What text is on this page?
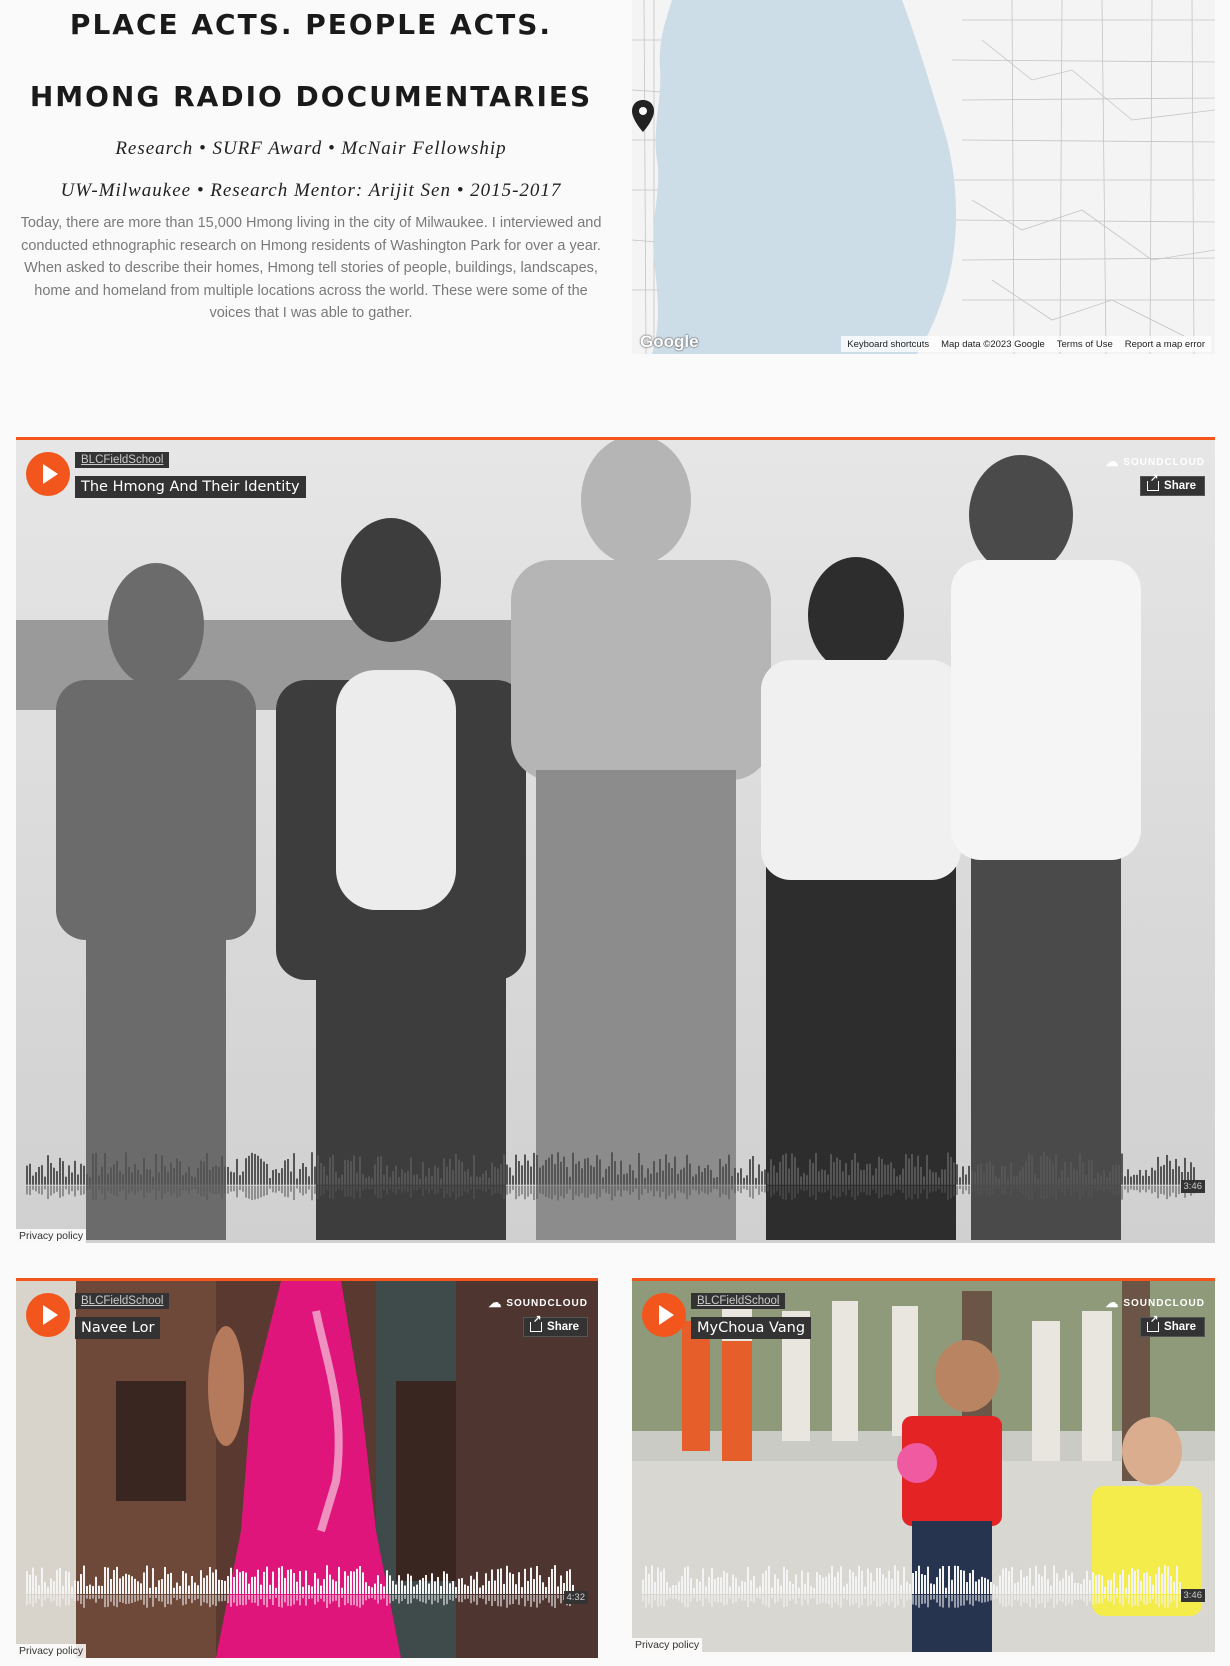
PLACE ACTS. PEOPLE ACTS.
HMONG RADIO DOCUMENTARIES
Research • SURF Award • McNair Fellowship
UW-Milwaukee • Research Mentor: Arijit Sen • 2015-2017
Today, there are more than 15,000 Hmong living in the city of Milwaukee. I interviewed and conducted ethnographic research on Hmong residents of Washington Park for over a year. When asked to describe their homes, Hmong tell stories of people, buildings, landscapes, home and homeland from multiple locations across the world. These were some of the voices that I was able to gather.
Google	Keyboard shortcuts Map data ©2023 Google Terms of Use Report a map error
BLCFieldSchool
The Hmong And Their Identity
☁ SOUNDCLOUD
↗
Share
3:46
Privacy policy
BLCFieldSchool
Navee Lor
☁ SOUNDCLOUD
↗
Share
4:32
Privacy policy
BLCFieldSchool
MyChoua Vang
☁ SOUNDCLOUD
↗
Share
3:46
Privacy policy
